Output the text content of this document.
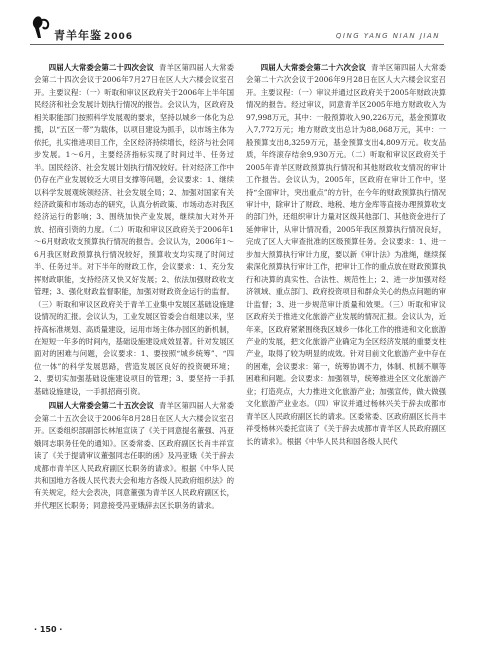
青羊年鉴 2006	QING YANG NIAN JIAN

四届人大常委会第二十四次会议 青羊区第四届人大常委会第二十四次会议于2006年7月27日在区人大六楼会议室召开。主要议程：（一）听取和审议区政府关于2006年上半年国民经济和社会发展计划执行情况的报告。会议认为，区政府及相关职能部门按照科学发展观的要求，坚持以城乡一体化为总揽，以“五区一带”为载体，以项目建设为抓手，以市场主体为依托，扎实推进项目工作，全区经济持续增长，经济与社会同步发展。1～6月，主要经济指标实现了时间过半、任务过半。国民经济、社会发展计划执行情况较好。针对经济工作中仍存在产业发展较乏大项目支撑等问题，会议要求：1、继续以科学发展观统领经济、社会发展全局；2、加强对国家有关经济政策和市场动态的研究，认真分析政策、市场动态对我区经济运行的影响；3、围绕加快产业发展，继续加大对外开放、招商引资的力度。（二）听取和审议区政府关于2006年1～6月财政收支预算执行情况的报告。会议认为，2006年1～6月我区财政预算执行情况较好，预算收支均实现了时间过半、任务过半。对下半年的财政工作，会议要求：1、充分发挥财政职能，支持经济又快又好发展；2、依法加强财政收支管理；3、强化财政监督职能，加强对财政资金运行的监督。（三）听取和审议区政府关于青羊工业集中发展区基础设施建设情况的汇报。会议认为，工业发展区管委会自组建以来，坚持高标准规划、高质量建设，运用市场主体办园区的新机制，在短短一年多的时间内，基础设施建设成效显著。针对发展区面对的困难与问题，会议要求：1、要按照“城乡统筹”、“四位一体”的科学发展思路，营造发展区良好的投资硬环境；2、要切实加强基础设施建设项目的管理；3、要坚持一手抓基础设施建设，一手抓招商引资。

四届人大常委会第二十五次会议 青羊区第四届人大常委会第二十五次会议于2006年8月28日在区人大六楼会议室召开。区委组织部副部长林旭宣读了《关于同意提名董强、冯亚娥同志职务任免的通知》。区委常委、区政府副区长肖丰祥宣读了《关于提请审议董强同志任职的函》及冯亚娥《关于辞去成都市青羊区人民政府副区长职务的请求》。根据《中华人民共和国地方各级人民代表大会和地方各级人民政府组织法》的有关规定，经大会表决，同意董强为青羊区人民政府副区长，并代理区长职务；同意接受冯亚娥辞去区长职务的请求。

四届人大常委会第二十六次会议 青羊区第四届人大常委会第二十六次会议于2006年9月28日在区人大六楼会议室召开。主要议程：（一）审议并通过区政府关于2005年财政决算情况的报告。经过审议，同意青羊区2005年地方财政收入为97,998万元，其中：一般预算收入90,226万元，基金预算收入7,772万元；地方财政支出总计为88,068万元，其中：一般预算支出8,3259万元，基金预算支出4,809万元。收支品质，年终滚存结余9,930万元。（二）听取和审议区政府关于2005年青羊区财政预算执行情况和其他财政收支情况的审计工作报告。会议认为，2005年，区政府在审计工作中，坚持“全面审计，突出重点”的方针，在今年的财政预算执行情况审计中，除审计了财政、地税、地方金库等直接办理预算收支的部门外，还组织审计力量对区级其他部门、其他资金进行了延伸审计，从审计情况看，2005年我区预算执行情况良好，完成了区人大审查批准的区级预算任务。会议要求：1、进一步加大预算执行审计力度，要以新《审计法》为准绳，继续探索深化预算执行审计工作，把审计工作的重点放在财政预算执行和决算的真实性、合法性、规范性上；2、进一步加强对经济领域、重点部门、政府投资项目和群众关心的热点问题的审计监督；3、进一步规范审计质量和效果。（三）听取和审议区政府关于推进文化旅游产业发展的情况汇报。会议认为，近年来，区政府紧紧围绕我区城乡一体化工作的推进和文化旅游产业的发展，把文化旅游产业确定为全区经济发展的重要支柱产业，取得了较为明显的成效。针对目前文化旅游产业中存在的困难，会议要求：第一，统筹协调不力，体制、机制不顺等困难和问题。会议要求：加强领导，统筹推进全区文化旅游产业；打造亮点，大力推进文化旅游产业；加强宣传，做大做强文化旅游产业业态。（四）审议并通过杨林兴关于辞去成都市青羊区人民政府副区长的请求。区委常委、区政府副区长肖丰祥受杨林兴委托宣读了《关于辞去成都市青羊区人民政府副区长的请求》。根据《中华人民共和国各级人民代

· 150 ·
